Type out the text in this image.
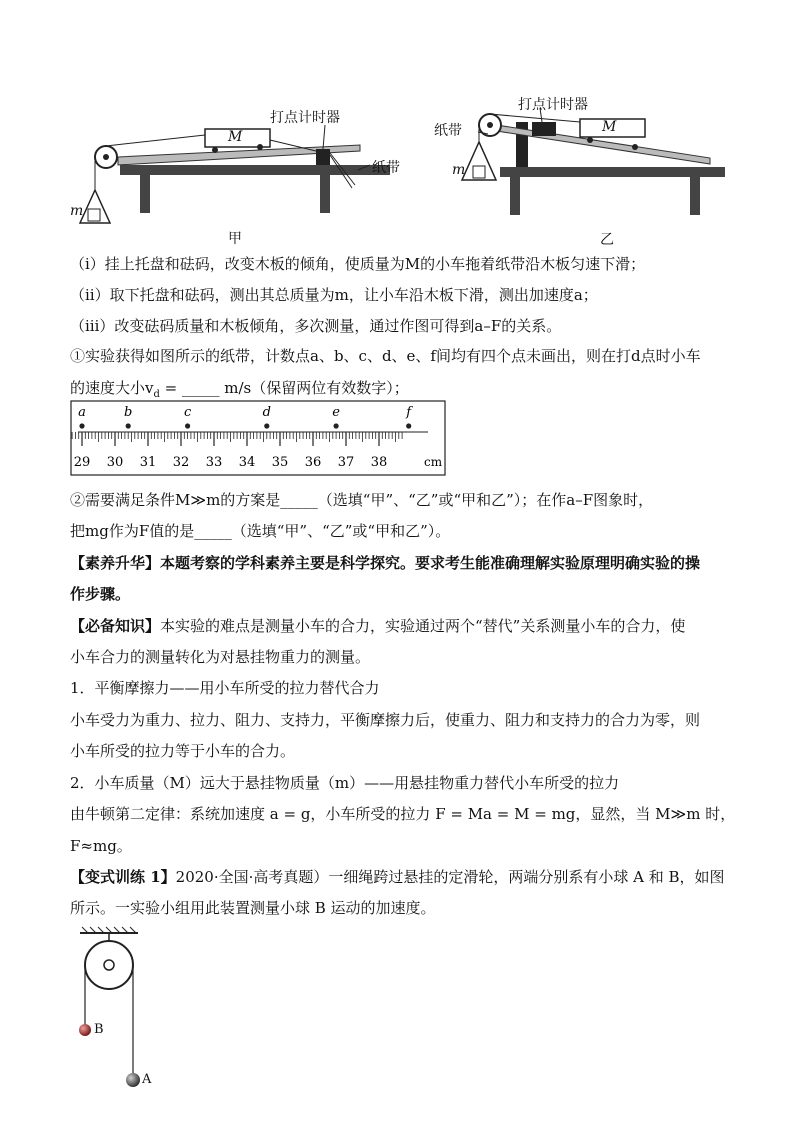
M
打点计时器
纸带
m
甲
M
打点计时器
纸带
m
乙
（ⅰ）挂上托盘和砝码，改变木板的倾角，使质量为M的小车拖着纸带沿木板匀速下滑；
（ⅱ）取下托盘和砝码，测出其总质量为m，让小车沿木板下滑，测出加速度a；
（ⅲ）改变砝码质量和木板倾角，多次测量，通过作图可得到a–F的关系。
①实验获得如图所示的纸带，计数点a、b、c、d、e、f间均有四个点未画出，则在打d点时小车
的速度大小$v_d$ = _____ m/s（保留两位有效数字）；
a	b	c	d	e	f
29 30 31 32 33 34 35 36 37 38	cm
②需要满足条件M≫m的方案是_____（选填“甲”、“乙”或“甲和乙”）；在作a–F图象时，
把mg作为F值的是_____（选填“甲”、“乙”或“甲和乙”）。
【素养升华】本题考察的学科素养主要是科学探究。要求考生能准确理解实验原理明确实验的操
作步骤。
【必备知识】本实验的难点是测量小车的合力，实验通过两个“替代”关系测量小车的合力，使
小车合力的测量转化为对悬挂物重力的测量。
1．平衡摩擦力——用小车所受的拉力替代合力
小车受力为重力、拉力、阻力、支持力，平衡摩擦力后，使重力、阻力和支持力的合力为零，则
小车所受的拉力等于小车的合力。
2．小车质量（M）远大于悬挂物质量（m）——用悬挂物重力替代小车所受的拉力
由牛顿第二定律：系统加速度 a = g，小车所受的拉力 F = Ma = M = mg，显然，当 M≫m 时，
F≈mg。
【变式训练 1】2020·全国·高考真题）一细绳跨过悬挂的定滑轮，两端分别系有小球 A 和 B，如图
所示。一实验小组用此装置测量小球 B 运动的加速度。
B
A
